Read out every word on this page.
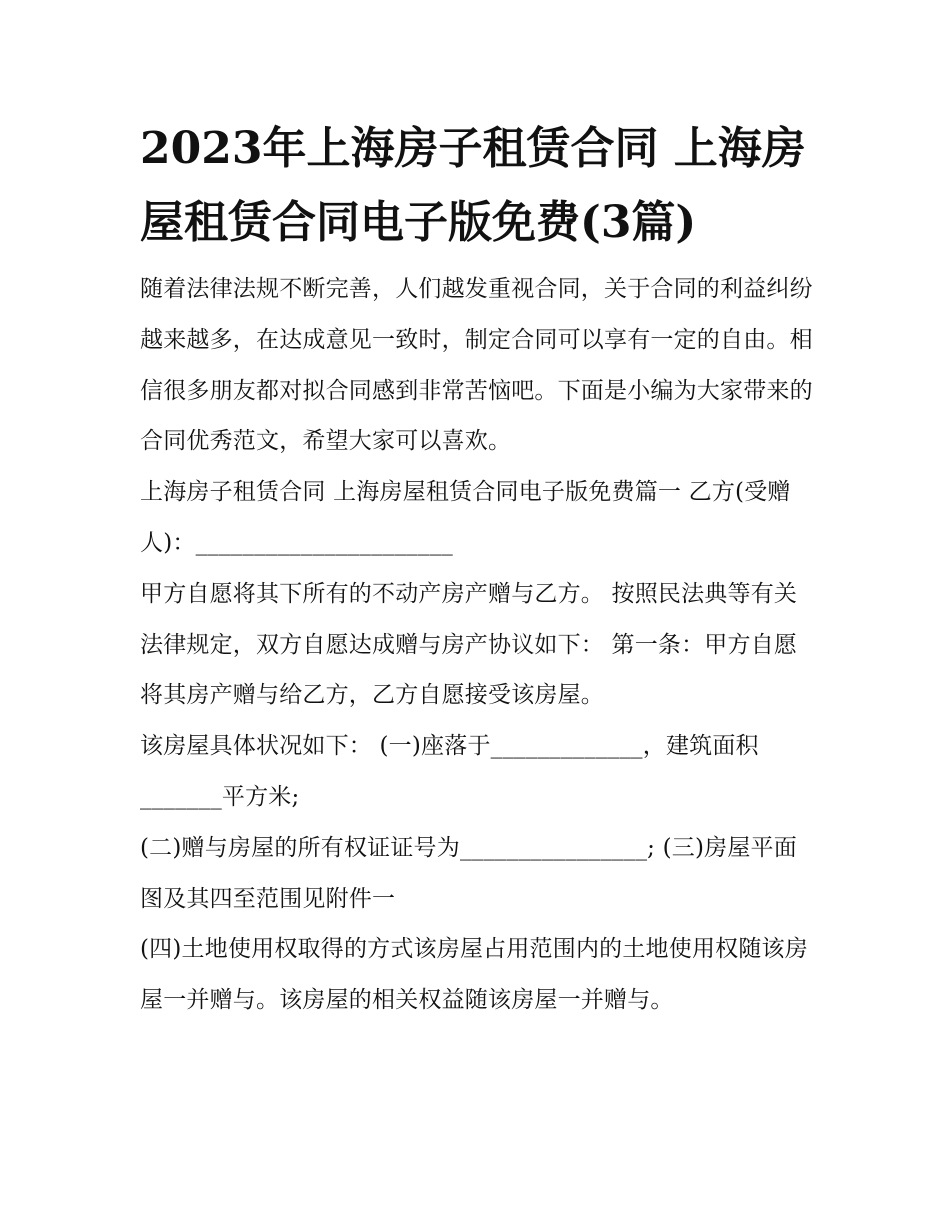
2023年上海房子租赁合同 上海房屋租赁合同电子版免费(3篇)

随着法律法规不断完善，人们越发重视合同，关于合同的利益纠纷越来越多，在达成意见一致时，制定合同可以享有一定的自由。相信很多朋友都对拟合同感到非常苦恼吧。下面是小编为大家带来的合同优秀范文，希望大家可以喜欢。

上海房子租赁合同 上海房屋租赁合同电子版免费篇一 乙方(受赠人)：______________________

甲方自愿将其下所有的不动产房产赠与乙方。 按照民法典等有关法律规定，双方自愿达成赠与房产协议如下： 第一条：甲方自愿将其房产赠与给乙方，乙方自愿接受该房屋。

该房屋具体状况如下： (一)座落于_____________，建筑面积_______平方米;

(二)赠与房屋的所有权证证号为________________; (三)房屋平面图及其四至范围见附件一

(四)土地使用权取得的方式该房屋占用范围内的土地使用权随该房屋一并赠与。该房屋的相关权益随该房屋一并赠与。
